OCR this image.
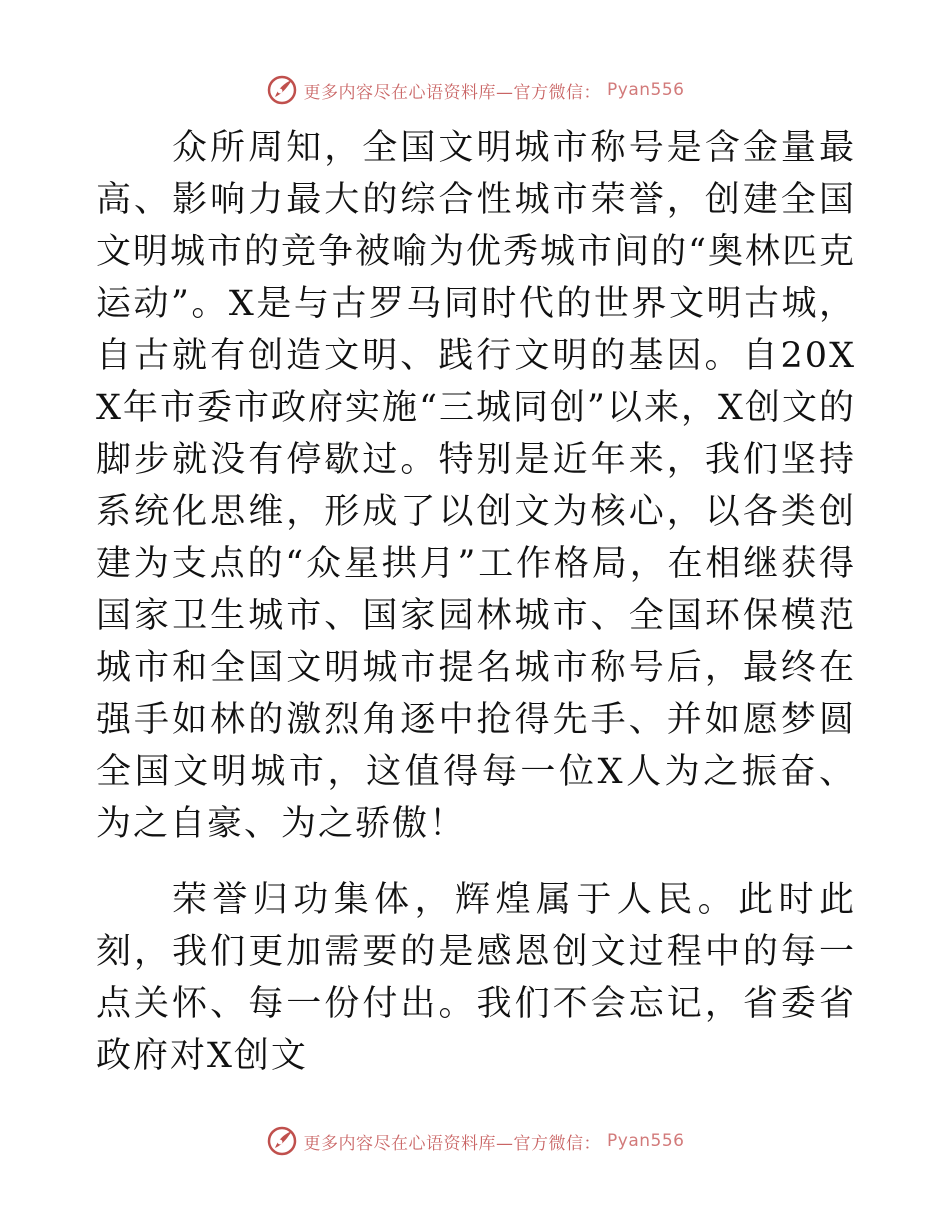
更多内容尽在心语资料库—官方微信： Pyan556

众所周知，全国文明城市称号是含金量最高、影响力最大的综合性城市荣誉，创建全国文明城市的竞争被喻为优秀城市间的“奥林匹克运动”。X是与古罗马同时代的世界文明古城，自古就有创造文明、践行文明的基因。自20XX年市委市政府实施“三城同创”以来，X创文的脚步就没有停歇过。特别是近年来，我们坚持系统化思维，形成了以创文为核心，以各类创建为支点的“众星拱月”工作格局，在相继获得国家卫生城市、国家园林城市、全国环保模范城市和全国文明城市提名城市称号后，最终在强手如林的激烈角逐中抢得先手、并如愿梦圆全国文明城市，这值得每一位X人为之振奋、为之自豪、为之骄傲！

荣誉归功集体，辉煌属于人民。此时此刻，我们更加需要的是感恩创文过程中的每一点关怀、每一份付出。我们不会忘记，省委省政府对X创文

更多内容尽在心语资料库—官方微信： Pyan556
